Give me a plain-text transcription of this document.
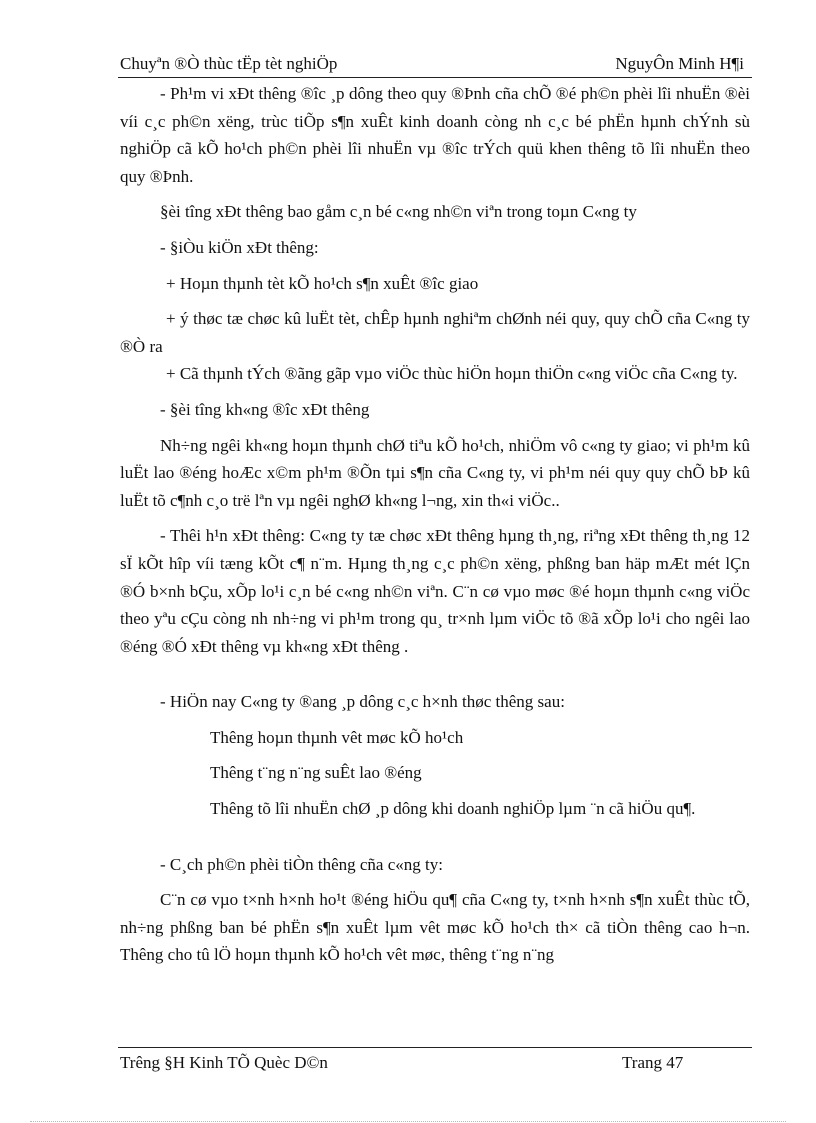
Chuyªn ®Ò thùc tËp tèt nghiÖp	NguyÔn Minh H¶i

- Ph¹m vi xÐt thêng ®îc ¸p dông theo quy ®Þnh cña chÕ ®é ph©n phèi lîi nhuËn ®èi víi c¸c ph©n xëng, trùc tiÕp s¶n xuÊt kinh doanh còng nh c¸c bé phËn hµnh chÝnh sù nghiÖp cã kÕ ho¹ch ph©n phèi lîi nhuËn vµ ®îc trÝch quü khen thêng tõ lîi nhuËn theo quy ®Þnh.

§èi tîng xÐt thêng bao gåm c¸n bé c«ng nh©n viªn trong toµn C«ng ty

- §iÒu kiÖn xÐt thêng:

+ Hoµn thµnh tèt kÕ ho¹ch s¶n xuÊt ®îc giao

+ ý thøc tæ chøc kû luËt tèt, chÊp hµnh nghiªm chØnh néi quy, quy chÕ cña C«ng ty ®Ò ra

+ Cã thµnh tÝch ®ãng gãp vµo viÖc thùc hiÖn hoµn thiÖn c«ng viÖc cña C«ng ty.

- §èi tîng kh«ng ®îc xÐt thêng

Nh÷ng ngêi kh«ng hoµn thµnh chØ tiªu kÕ ho¹ch, nhiÖm vô c«ng ty giao; vi ph¹m kû luËt lao ®éng hoÆc x©m ph¹m ®Õn tµi s¶n cña C«ng ty, vi ph¹m néi quy quy chÕ bÞ kû luËt tõ c¶nh c¸o trë lªn vµ ngêi nghØ kh«ng l¬ng, xin th«i viÖc..

- Thêi h¹n xÐt thêng: C«ng ty tæ chøc xÐt thêng hµng th¸ng, riªng xÐt thêng th¸ng 12 sÏ kÕt hîp víi tæng kÕt c¶ n¨m. Hµng th¸ng c¸c ph©n xëng, phßng ban häp mÆt mét lÇn ®Ó b×nh bÇu, xÕp lo¹i c¸n bé c«ng nh©n viªn. C¨n cø vµo møc ®é hoµn thµnh c«ng viÖc theo yªu cÇu còng nh nh÷ng vi ph¹m trong qu¸ tr×nh lµm viÖc tõ ®ã xÕp lo¹i cho ngêi lao ®éng ®Ó xÐt thêng vµ kh«ng xÐt thêng .

- HiÖn nay C«ng ty ®ang ¸p dông c¸c h×nh thøc thêng sau:

Thêng hoµn thµnh vêt møc kÕ ho¹ch

Thêng t¨ng n¨ng suÊt lao ®éng

Thêng tõ lîi nhuËn chØ ¸p dông khi doanh nghiÖp lµm ¨n cã hiÖu qu¶.

- C¸ch ph©n phèi tiÒn thêng cña c«ng ty:

C¨n cø vµo t×nh h×nh ho¹t ®éng hiÖu qu¶ cña C«ng ty, t×nh h×nh s¶n xuÊt thùc tÕ, nh÷ng phßng ban bé phËn s¶n xuÊt lµm vêt møc kÕ ho¹ch th× cã tiÒn thêng cao h¬n. Thêng cho tû lÖ hoµn thµnh kÕ ho¹ch vêt møc, thêng t¨ng n¨ng

Trêng §H Kinh TÕ Quèc D©n	Trang 47
